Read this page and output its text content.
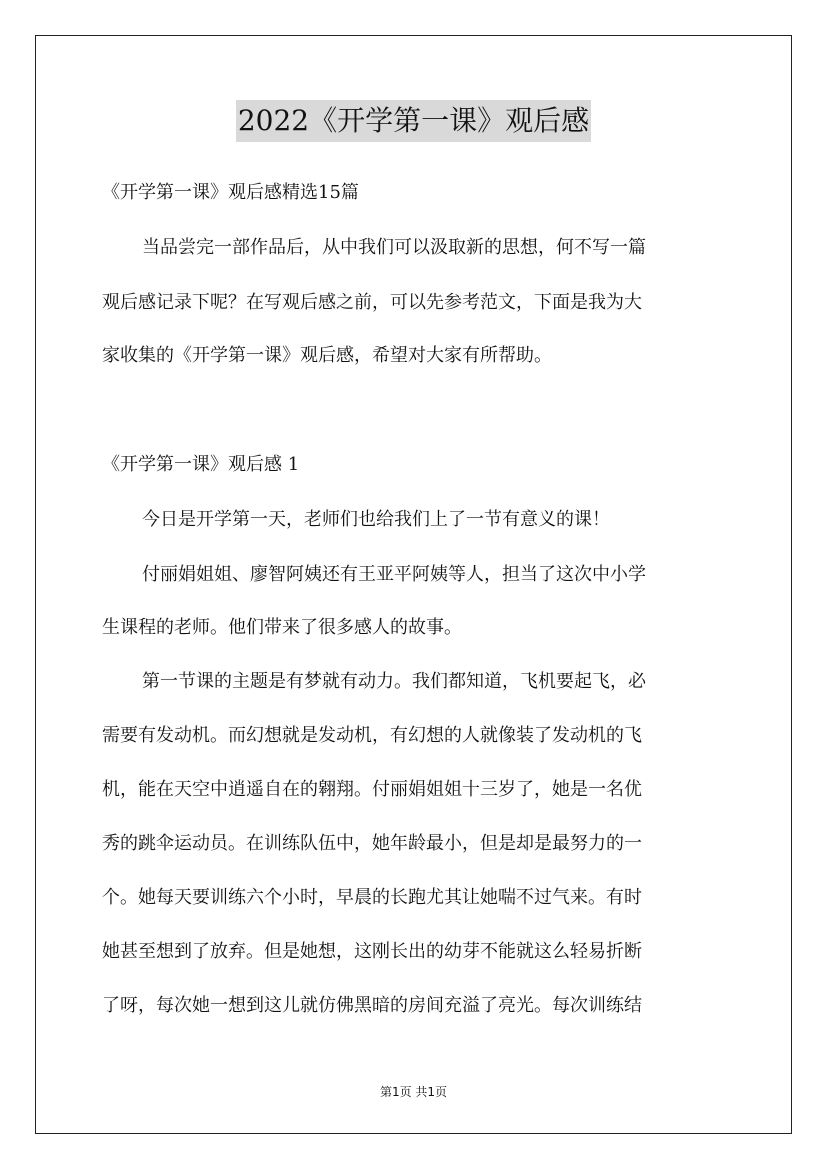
2022《开学第一课》观后感
《开学第一课》观后感精选15篇
当品尝完一部作品后，从中我们可以汲取新的思想，何不写一篇
观后感记录下呢？在写观后感之前，可以先参考范文，下面是我为大
家收集的《开学第一课》观后感，希望对大家有所帮助。
《开学第一课》观后感 1
今日是开学第一天，老师们也给我们上了一节有意义的课！
付丽娟姐姐、廖智阿姨还有王亚平阿姨等人，担当了这次中小学
生课程的老师。他们带来了很多感人的故事。
第一节课的主题是有梦就有动力。我们都知道，飞机要起飞，必
需要有发动机。而幻想就是发动机，有幻想的人就像装了发动机的飞
机，能在天空中逍遥自在的翱翔。付丽娟姐姐十三岁了，她是一名优
秀的跳伞运动员。在训练队伍中，她年龄最小，但是却是最努力的一
个。她每天要训练六个小时，早晨的长跑尤其让她喘不过气来。有时
她甚至想到了放弃。但是她想，这刚长出的幼芽不能就这么轻易折断
了呀，每次她一想到这儿就仿佛黑暗的房间充溢了亮光。每次训练结
第1页 共1页
